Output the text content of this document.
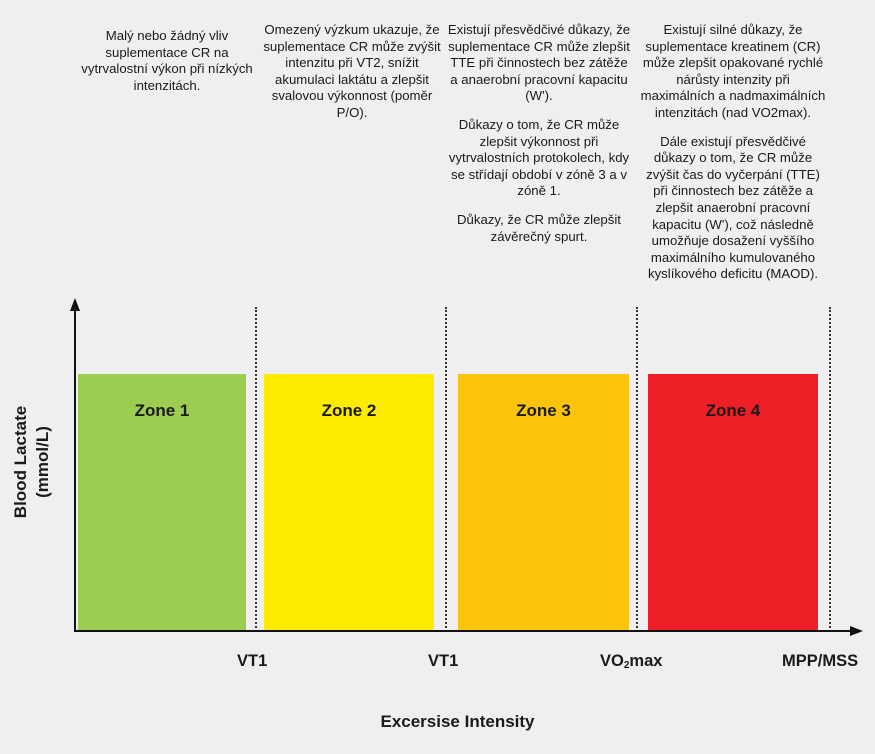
Malý nebo žádný vliv suplementace CR na vytrvalostní výkon při nízkých intenzitách.

Omezený výzkum ukazuje, že suplementace CR může zvýšit intenzitu při VT2, snížit akumulaci laktátu a zlepšit svalovou výkonnost (poměr P/O).

Existují přesvědčivé důkazy, že suplementace CR může zlepšit TTE při činnostech bez zátěže a anaerobní pracovní kapacitu (W').

Důkazy o tom, že CR může zlepšit výkonnost při vytrvalostních protokolech, kdy se střídají období v zóně 3 a v zóně 1.

Důkazy, že CR může zlepšit závěrečný spurt.

Existují silné důkazy, že suplementace kreatinem (CR) může zlepšit opakované rychlé nárůsty intenzity při maximálních a nadmaximálních intenzitách (nad VO2max).

Dále existují přesvědčivé důkazy o tom, že CR může zvýšit čas do vyčerpání (TTE) při činnostech bez zátěže a zlepšit anaerobní pracovní kapacitu (W'), což následně umožňuje dosažení vyššího maximálního kumulovaného kyslíkového deficitu (MAOD).

Zone 1	Zone 2	Zone 3	Zone 4
VT1	VT1	$VO_2\max$	MPP/MSS
Excersise Intensity
Blood Lactate (mmol/L)
